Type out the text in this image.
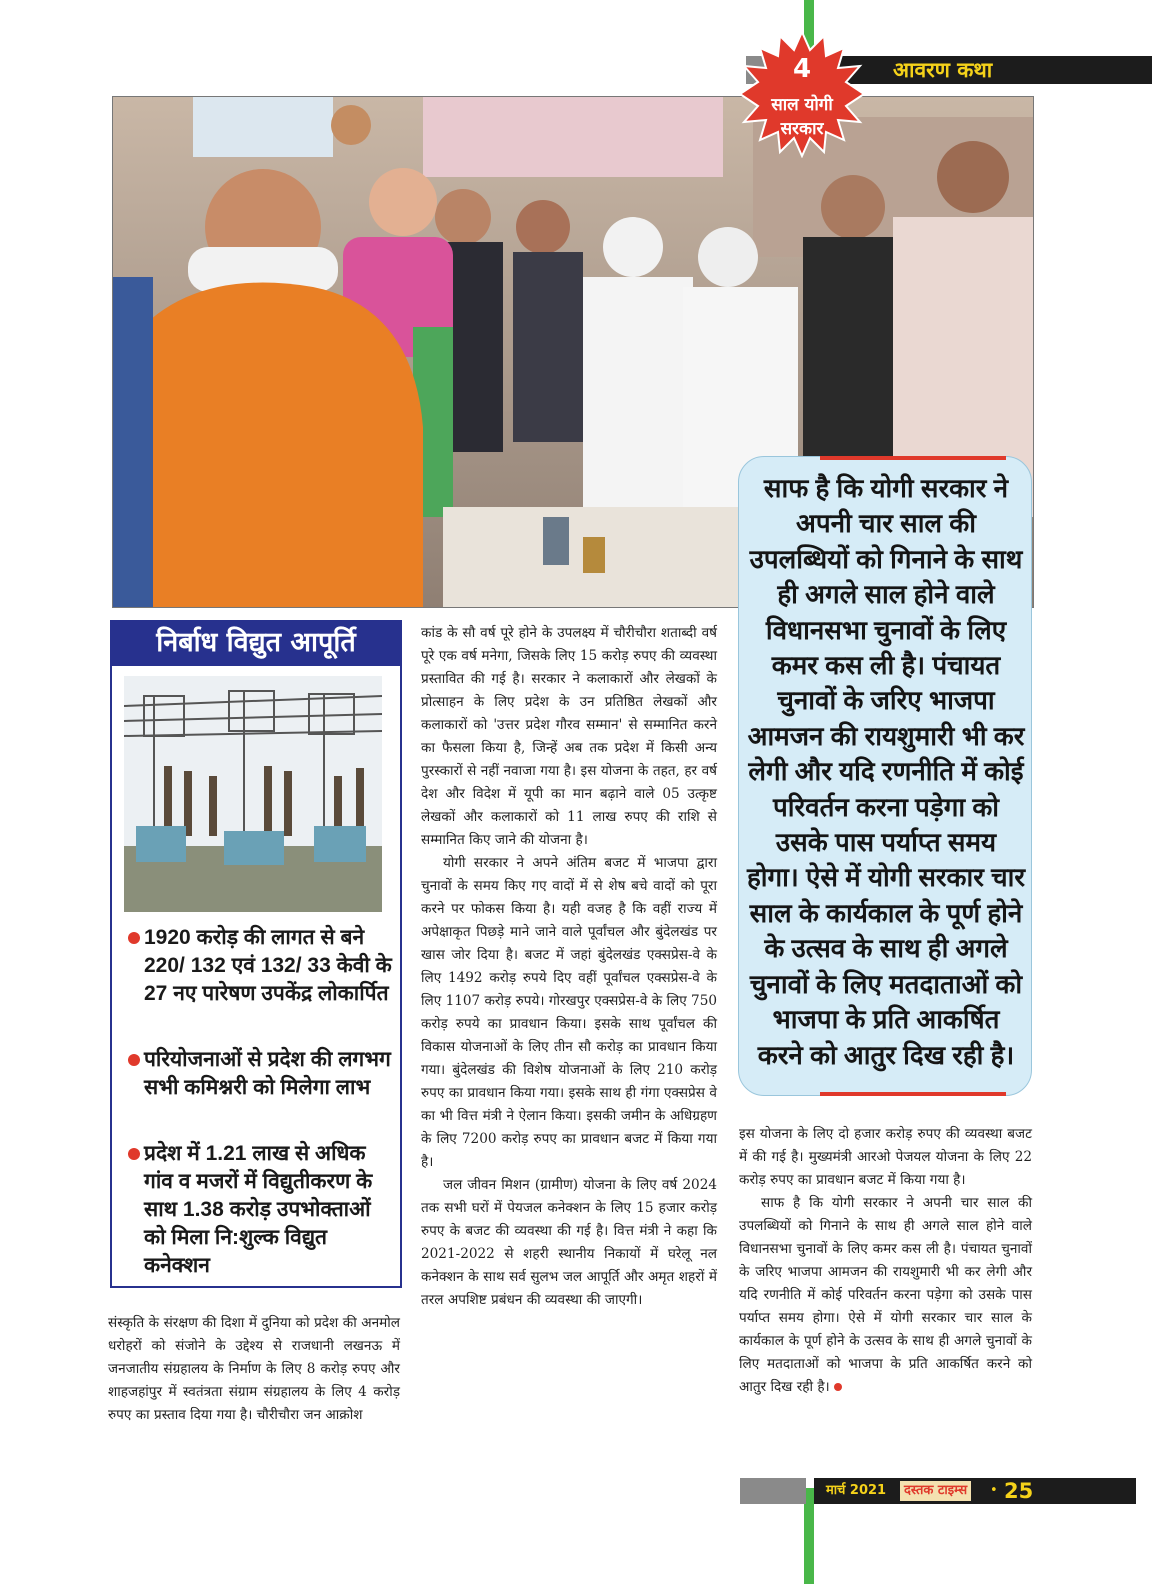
आवरण कथा
4
साल योगी
सरकार
साफ है कि योगी सरकार ने अपनी चार साल की उपलब्धियों को गिनाने के साथ ही अगले साल होने वाले विधानसभा चुनावों के लिए कमर कस ली है। पंचायत चुनावों के जरिए भाजपा आमजन की रायशुमारी भी कर लेगी और यदि रणनीति में कोई परिवर्तन करना पड़ेगा को उसके पास पर्याप्त समय होगा। ऐसे में योगी सरकार चार साल के कार्यकाल के पूर्ण होने के उत्सव के साथ ही अगले चुनावों के लिए मतदाताओं को भाजपा के प्रति आकर्षित करने को आतुर दिख रही है।
निर्बाध विद्युत आपूर्ति
1920 करोड़ की लागत से बने 220/ 132 एवं 132/ 33 केवी के 27 नए पारेषण उपकेंद्र लोकार्पित
परियोजनाओं से प्रदेश की लगभग सभी कमिश्नरी को मिलेगा लाभ
प्रदेश में 1.21 लाख से अधिक गांव व मजरों में विद्युतीकरण के साथ 1.38 करोड़ उपभोक्ताओं को मिला नि:शुल्क विद्युत कनेक्शन

संस्कृति के संरक्षण की दिशा में दुनिया को प्रदेश की अनमोल धरोहरों को संजोने के उद्देश्य से राजधानी लखनऊ में जनजातीय संग्रहालय के निर्माण के लिए 8 करोड़ रुपए और शाहजहांपुर में स्वतंत्रता संग्राम संग्रहालय के लिए 4 करोड़ रुपए का प्रस्ताव दिया गया है। चौरीचौरा जन आक्रोश

कांड के सौ वर्ष पूरे होने के उपलक्ष्य में चौरीचौरा शताब्दी वर्ष पूरे एक वर्ष मनेगा, जिसके लिए 15 करोड़ रुपए की व्यवस्था प्रस्तावित की गई है। सरकार ने कलाकारों और लेखकों के प्रोत्साहन के लिए प्रदेश के उन प्रतिष्ठित लेखकों और कलाकारों को 'उत्तर प्रदेश गौरव सम्मान' से सम्मानित करने का फैसला किया है, जिन्हें अब तक प्रदेश में किसी अन्य पुरस्कारों से नहीं नवाजा गया है। इस योजना के तहत, हर वर्ष देश और विदेश में यूपी का मान बढ़ाने वाले 05 उत्कृष्ट लेखकों और कलाकारों को 11 लाख रुपए की राशि से सम्मानित किए जाने की योजना है।

योगी सरकार ने अपने अंतिम बजट में भाजपा द्वारा चुनावों के समय किए गए वादों में से शेष बचे वादों को पूरा करने पर फोकस किया है। यही वजह है कि वहीं राज्य में अपेक्षाकृत पिछड़े माने जाने वाले पूर्वांचल और बुंदेलखंड पर खास जोर दिया है। बजट में जहां बुंदेलखंड एक्सप्रेस-वे के लिए 1492 करोड़ रुपये दिए वहीं पूर्वांचल एक्सप्रेस-वे के लिए 1107 करोड़ रुपये। गोरखपुर एक्सप्रेस-वे के लिए 750 करोड़ रुपये का प्रावधान किया। इसके साथ पूर्वांचल की विकास योजनाओं के लिए तीन सौ करोड़ का प्रावधान किया गया। बुंदेलखंड की विशेष योजनाओं के लिए 210 करोड़ रुपए का प्रावधान किया गया। इसके साथ ही गंगा एक्सप्रेस वे का भी वित्त मंत्री ने ऐलान किया। इसकी जमीन के अधिग्रहण के लिए 7200 करोड़ रुपए का प्रावधान बजट में किया गया है।

जल जीवन मिशन (ग्रामीण) योजना के लिए वर्ष 2024 तक सभी घरों में पेयजल कनेक्शन के लिए 15 हजार करोड़ रुपए के बजट की व्यवस्था की गई है। वित्त मंत्री ने कहा कि 2021-2022 से शहरी स्थानीय निकायों में घरेलू नल कनेक्शन के साथ सर्व सुलभ जल आपूर्ति और अमृत शहरों में तरल अपशिष्ट प्रबंधन की व्यवस्था की जाएगी।

इस योजना के लिए दो हजार करोड़ रुपए की व्यवस्था बजट में की गई है। मुख्यमंत्री आरओ पेजयल योजना के लिए 22 करोड़ रुपए का प्रावधान बजट में किया गया है।

साफ है कि योगी सरकार ने अपनी चार साल की उपलब्धियों को गिनाने के साथ ही अगले साल होने वाले विधानसभा चुनावों के लिए कमर कस ली है। पंचायत चुनावों के जरिए भाजपा आमजन की रायशुमारी भी कर लेगी और यदि रणनीति में कोई परिवर्तन करना पड़ेगा को उसके पास पर्याप्त समय होगा। ऐसे में योगी सरकार चार साल के कार्यकाल के पूर्ण होने के उत्सव के साथ ही अगले चुनावों के लिए मतदाताओं को भाजपा के प्रति आकर्षित करने को आतुर दिख रही है।

मार्च 2021	दस्तक टाइम्स	• 25
